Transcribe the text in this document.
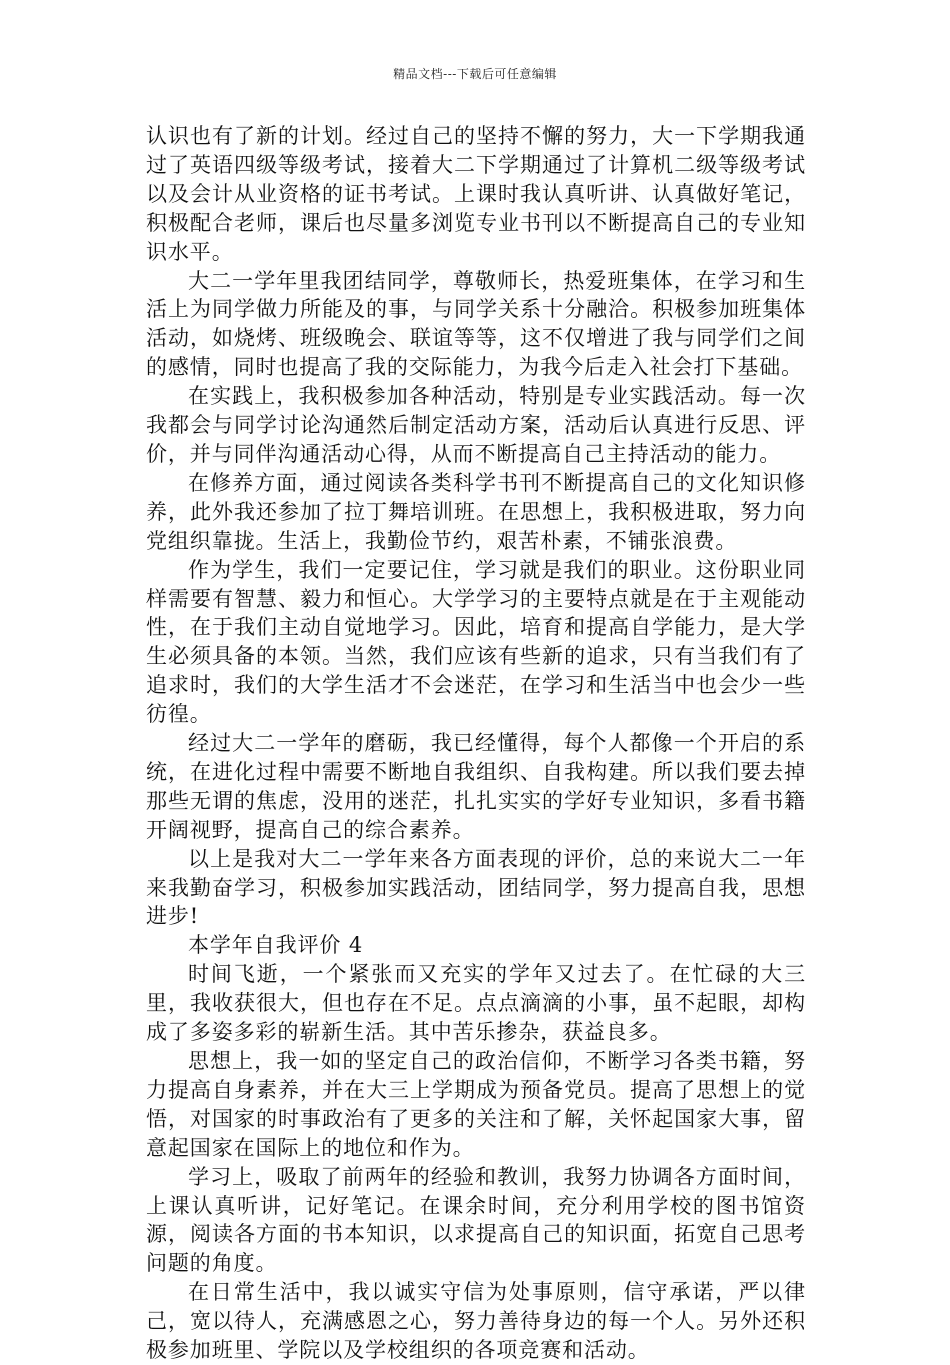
精品文档---下载后可任意编辑

认识也有了新的计划。经过自己的坚持不懈的努力，大一下学期我通过了英语四级等级考试，接着大二下学期通过了计算机二级等级考试以及会计从业资格的证书考试。上课时我认真听讲、认真做好笔记，积极配合老师，课后也尽量多浏览专业书刊以不断提高自己的专业知识水平。

大二一学年里我团结同学，尊敬师长，热爱班集体，在学习和生活上为同学做力所能及的事，与同学关系十分融洽。积极参加班集体活动，如烧烤、班级晚会、联谊等等，这不仅增进了我与同学们之间的感情，同时也提高了我的交际能力，为我今后走入社会打下基础。

在实践上，我积极参加各种活动，特别是专业实践活动。每一次我都会与同学讨论沟通然后制定活动方案，活动后认真进行反思、评价，并与同伴沟通活动心得，从而不断提高自己主持活动的能力。

在修养方面，通过阅读各类科学书刊不断提高自己的文化知识修养，此外我还参加了拉丁舞培训班。在思想上，我积极进取，努力向党组织靠拢。生活上，我勤俭节约，艰苦朴素，不铺张浪费。

作为学生，我们一定要记住，学习就是我们的职业。这份职业同样需要有智慧、毅力和恒心。大学学习的主要特点就是在于主观能动性，在于我们主动自觉地学习。因此，培育和提高自学能力，是大学生必须具备的本领。当然，我们应该有些新的追求，只有当我们有了追求时，我们的大学生活才不会迷茫，在学习和生活当中也会少一些彷徨。

经过大二一学年的磨砺，我已经懂得，每个人都像一个开启的系统，在进化过程中需要不断地自我组织、自我构建。所以我们要去掉那些无谓的焦虑，没用的迷茫，扎扎实实的学好专业知识，多看书籍开阔视野，提高自己的综合素养。

以上是我对大二一学年来各方面表现的评价，总的来说大二一年来我勤奋学习，积极参加实践活动，团结同学，努力提高自我，思想进步!

本学年自我评价 4

时间飞逝，一个紧张而又充实的学年又过去了。在忙碌的大三里，我收获很大，但也存在不足。点点滴滴的小事，虽不起眼，却构成了多姿多彩的崭新生活。其中苦乐掺杂，获益良多。

思想上，我一如的坚定自己的政治信仰，不断学习各类书籍，努力提高自身素养，并在大三上学期成为预备党员。提高了思想上的觉悟，对国家的时事政治有了更多的关注和了解，关怀起国家大事，留意起国家在国际上的地位和作为。

学习上，吸取了前两年的经验和教训，我努力协调各方面时间，上课认真听讲，记好笔记。在课余时间，充分利用学校的图书馆资源，阅读各方面的书本知识，以求提高自己的知识面，拓宽自己思考问题的角度。

在日常生活中，我以诚实守信为处事原则，信守承诺，严以律己，宽以待人，充满感恩之心，努力善待身边的每一个人。另外还积极参加班里、学院以及学校组织的各项竞赛和活动。
